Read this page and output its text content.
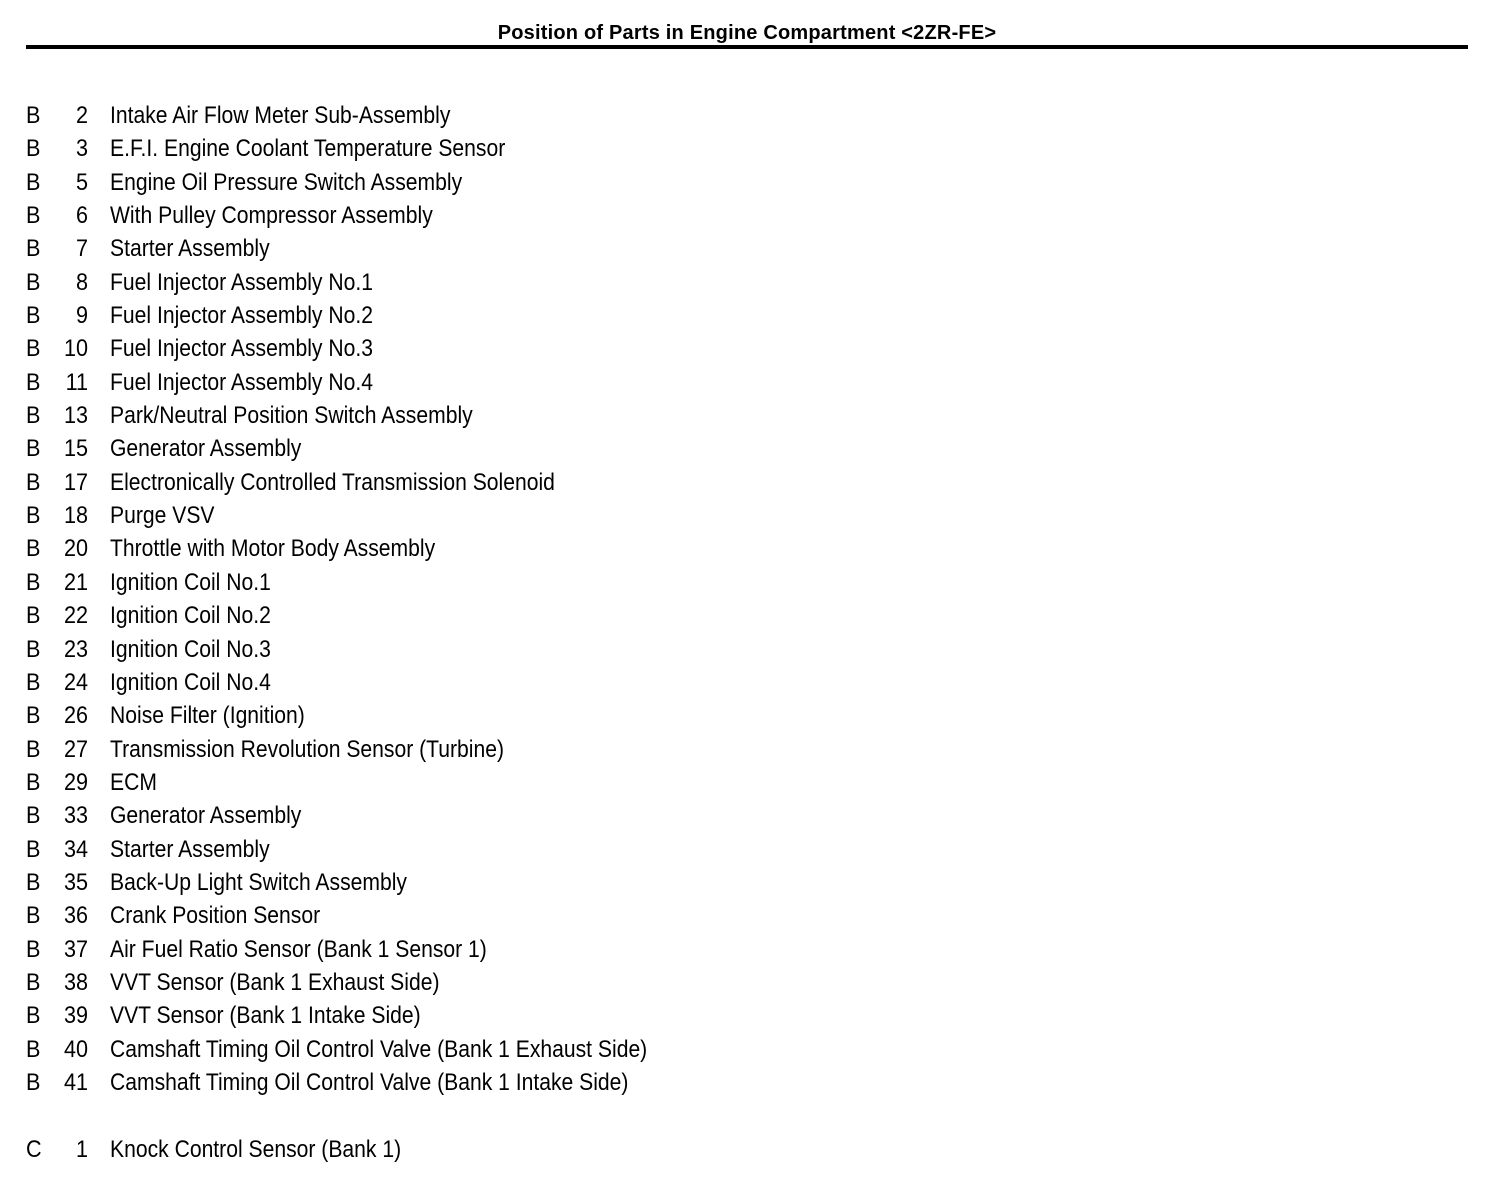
Position of Parts in Engine Compartment <2ZR-FE>
B	2 Intake Air Flow Meter Sub-Assembly
B	3 E.F.I. Engine Coolant Temperature Sensor
B	5 Engine Oil Pressure Switch Assembly
B	6 With Pulley Compressor Assembly
B	7 Starter Assembly
B	8 Fuel Injector Assembly No.1
B	9 Fuel Injector Assembly No.2
B 10 Fuel Injector Assembly No.3
B	11 Fuel Injector Assembly No.4
B 13 Park/Neutral Position Switch Assembly
B 15 Generator Assembly
B 17 Electronically Controlled Transmission Solenoid
B 18 Purge VSV
B 20 Throttle with Motor Body Assembly
B 21 Ignition Coil No.1
B 22 Ignition Coil No.2
B 23 Ignition Coil No.3
B 24 Ignition Coil No.4
B 26 Noise Filter (Ignition)
B 27 Transmission Revolution Sensor (Turbine)
B 29 ECM
B 33 Generator Assembly
B 34 Starter Assembly
B 35 Back-Up Light Switch Assembly
B 36 Crank Position Sensor
B 37 Air Fuel Ratio Sensor (Bank 1 Sensor 1)
B 38 VVT Sensor (Bank 1 Exhaust Side)
B 39 VVT Sensor (Bank 1 Intake Side)
B 40 Camshaft Timing Oil Control Valve (Bank 1 Exhaust Side)
B 41 Camshaft Timing Oil Control Valve (Bank 1 Intake Side)
C	1 Knock Control Sensor (Bank 1)
